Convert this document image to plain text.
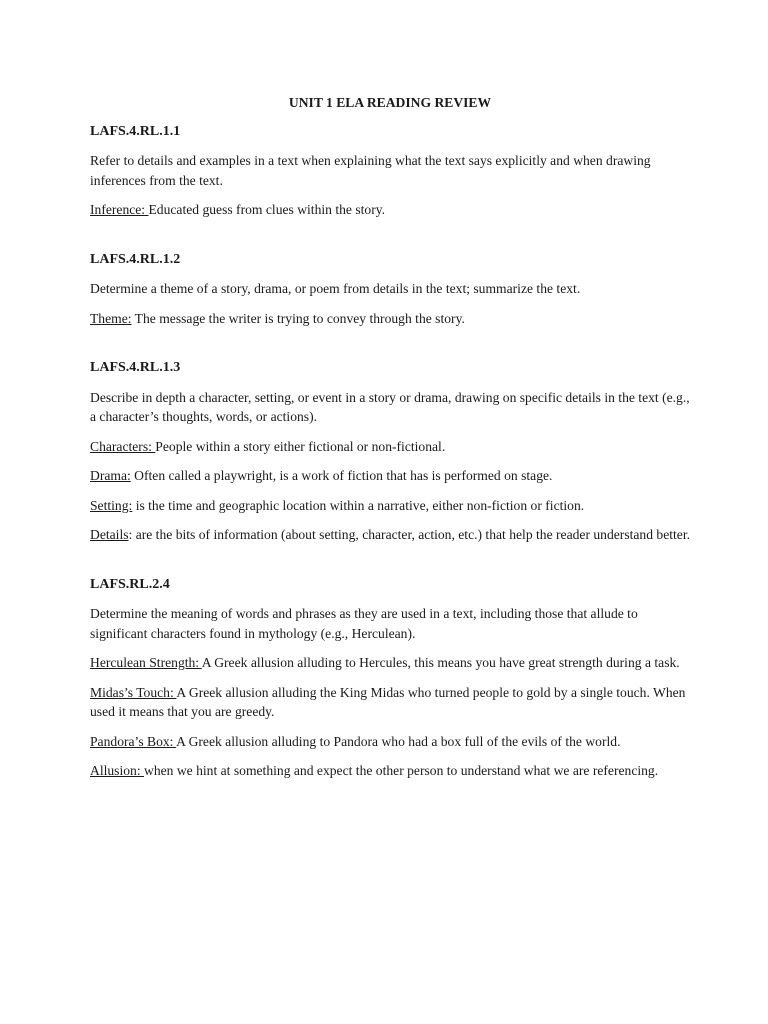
UNIT 1 ELA READING REVIEW
LAFS.4.RL.1.1
Refer to details and examples in a text when explaining what the text says explicitly and when drawing inferences from the text.
Inference: Educated guess from clues within the story.
LAFS.4.RL.1.2
Determine a theme of a story, drama, or poem from details in the text; summarize the text.
Theme: The message the writer is trying to convey through the story.
LAFS.4.RL.1.3
Describe in depth a character, setting, or event in a story or drama, drawing on specific details in the text (e.g., a character’s thoughts, words, or actions).
Characters: People within a story either fictional or non-fictional.
Drama: Often called a playwright, is a work of fiction that has is performed on stage.
Setting: is the time and geographic location within a narrative, either non-fiction or fiction.
Details: are the bits of information (about setting, character, action, etc.) that help the reader understand better.
LAFS.RL.2.4
Determine the meaning of words and phrases as they are used in a text, including those that allude to significant characters found in mythology (e.g., Herculean).
Herculean Strength: A Greek allusion alluding to Hercules, this means you have great strength during a task.
Midas’s Touch: A Greek allusion alluding the King Midas who turned people to gold by a single touch. When used it means that you are greedy.
Pandora’s Box: A Greek allusion alluding to Pandora who had a box full of the evils of the world.
Allusion: when we hint at something and expect the other person to understand what we are referencing.
